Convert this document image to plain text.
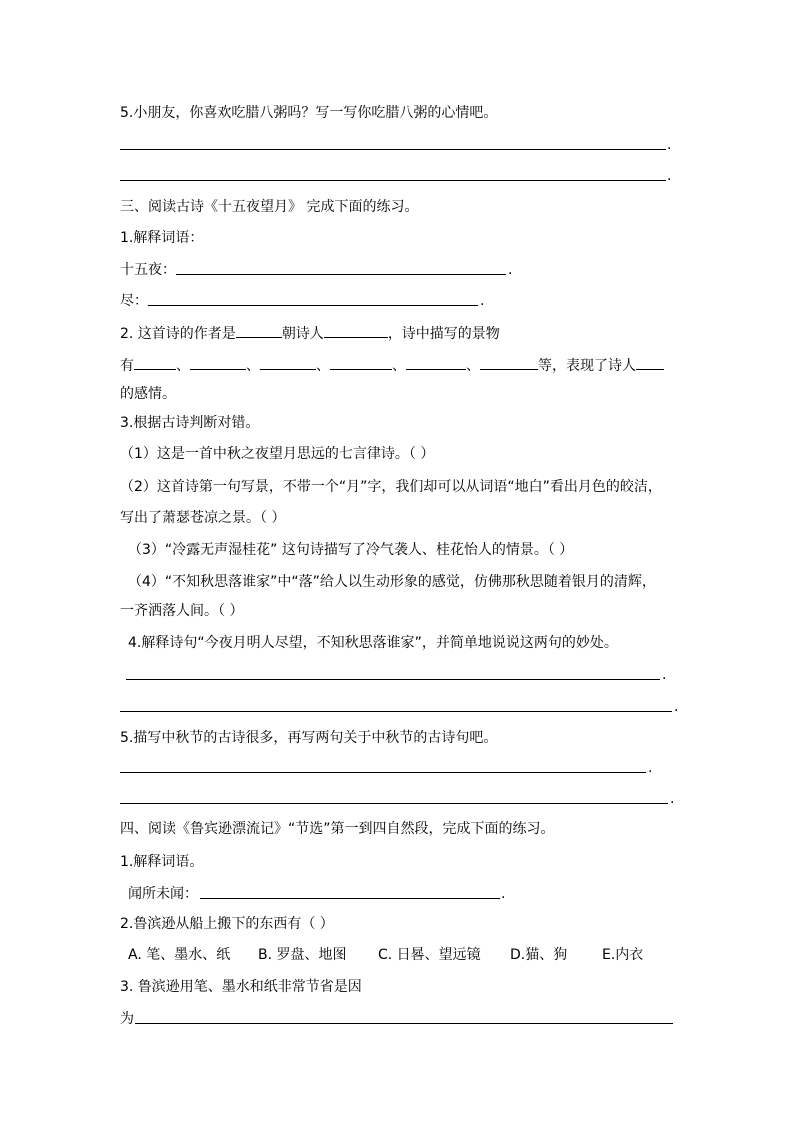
5.小朋友，你喜欢吃腊八粥吗？写一写你吃腊八粥的心情吧。
.
.
三、阅读古诗《十五夜望月》 完成下面的练习。
1.解释词语：
十五夜：	.
尽：	.
2. 这首诗的作者是	朝诗人	，诗中描写的景物
有	、	、	、	、	、	等，表现了诗人
的感情。
3.根据古诗判断对错。
（1）这是一首中秋之夜望月思远的七言律诗。（ ）
（2）这首诗第一句写景，不带一个“月”字，我们却可以从词语“地白”看出月色的皎洁，
写出了萧瑟苍凉之景。（ ）
（3）“冷露无声湿桂花” 这句诗描写了冷气袭人、桂花怡人的情景。（ ）
（4）“不知秋思落谁家”中“落”给人以生动形象的感觉，仿佛那秋思随着银月的清辉，
一齐洒落人间。（ ）
4.解释诗句“今夜月明人尽望，不知秋思落谁家”，并简单地说说这两句的妙处。
.
.
5.描写中秋节的古诗很多，再写两句关于中秋节的古诗句吧。
.
.
四、阅读《鲁宾逊漂流记》“节选”第一到四自然段，完成下面的练习。
1.解释词语。
闻所未闻：	.
2.鲁滨逊从船上搬下的东西有（ ）
A. 笔、墨水、纸 B. 罗盘、地图 C. 日晷、望远镜 D.猫、狗 E.内衣
3. 鲁滨逊用笔、墨水和纸非常节省是因
为
